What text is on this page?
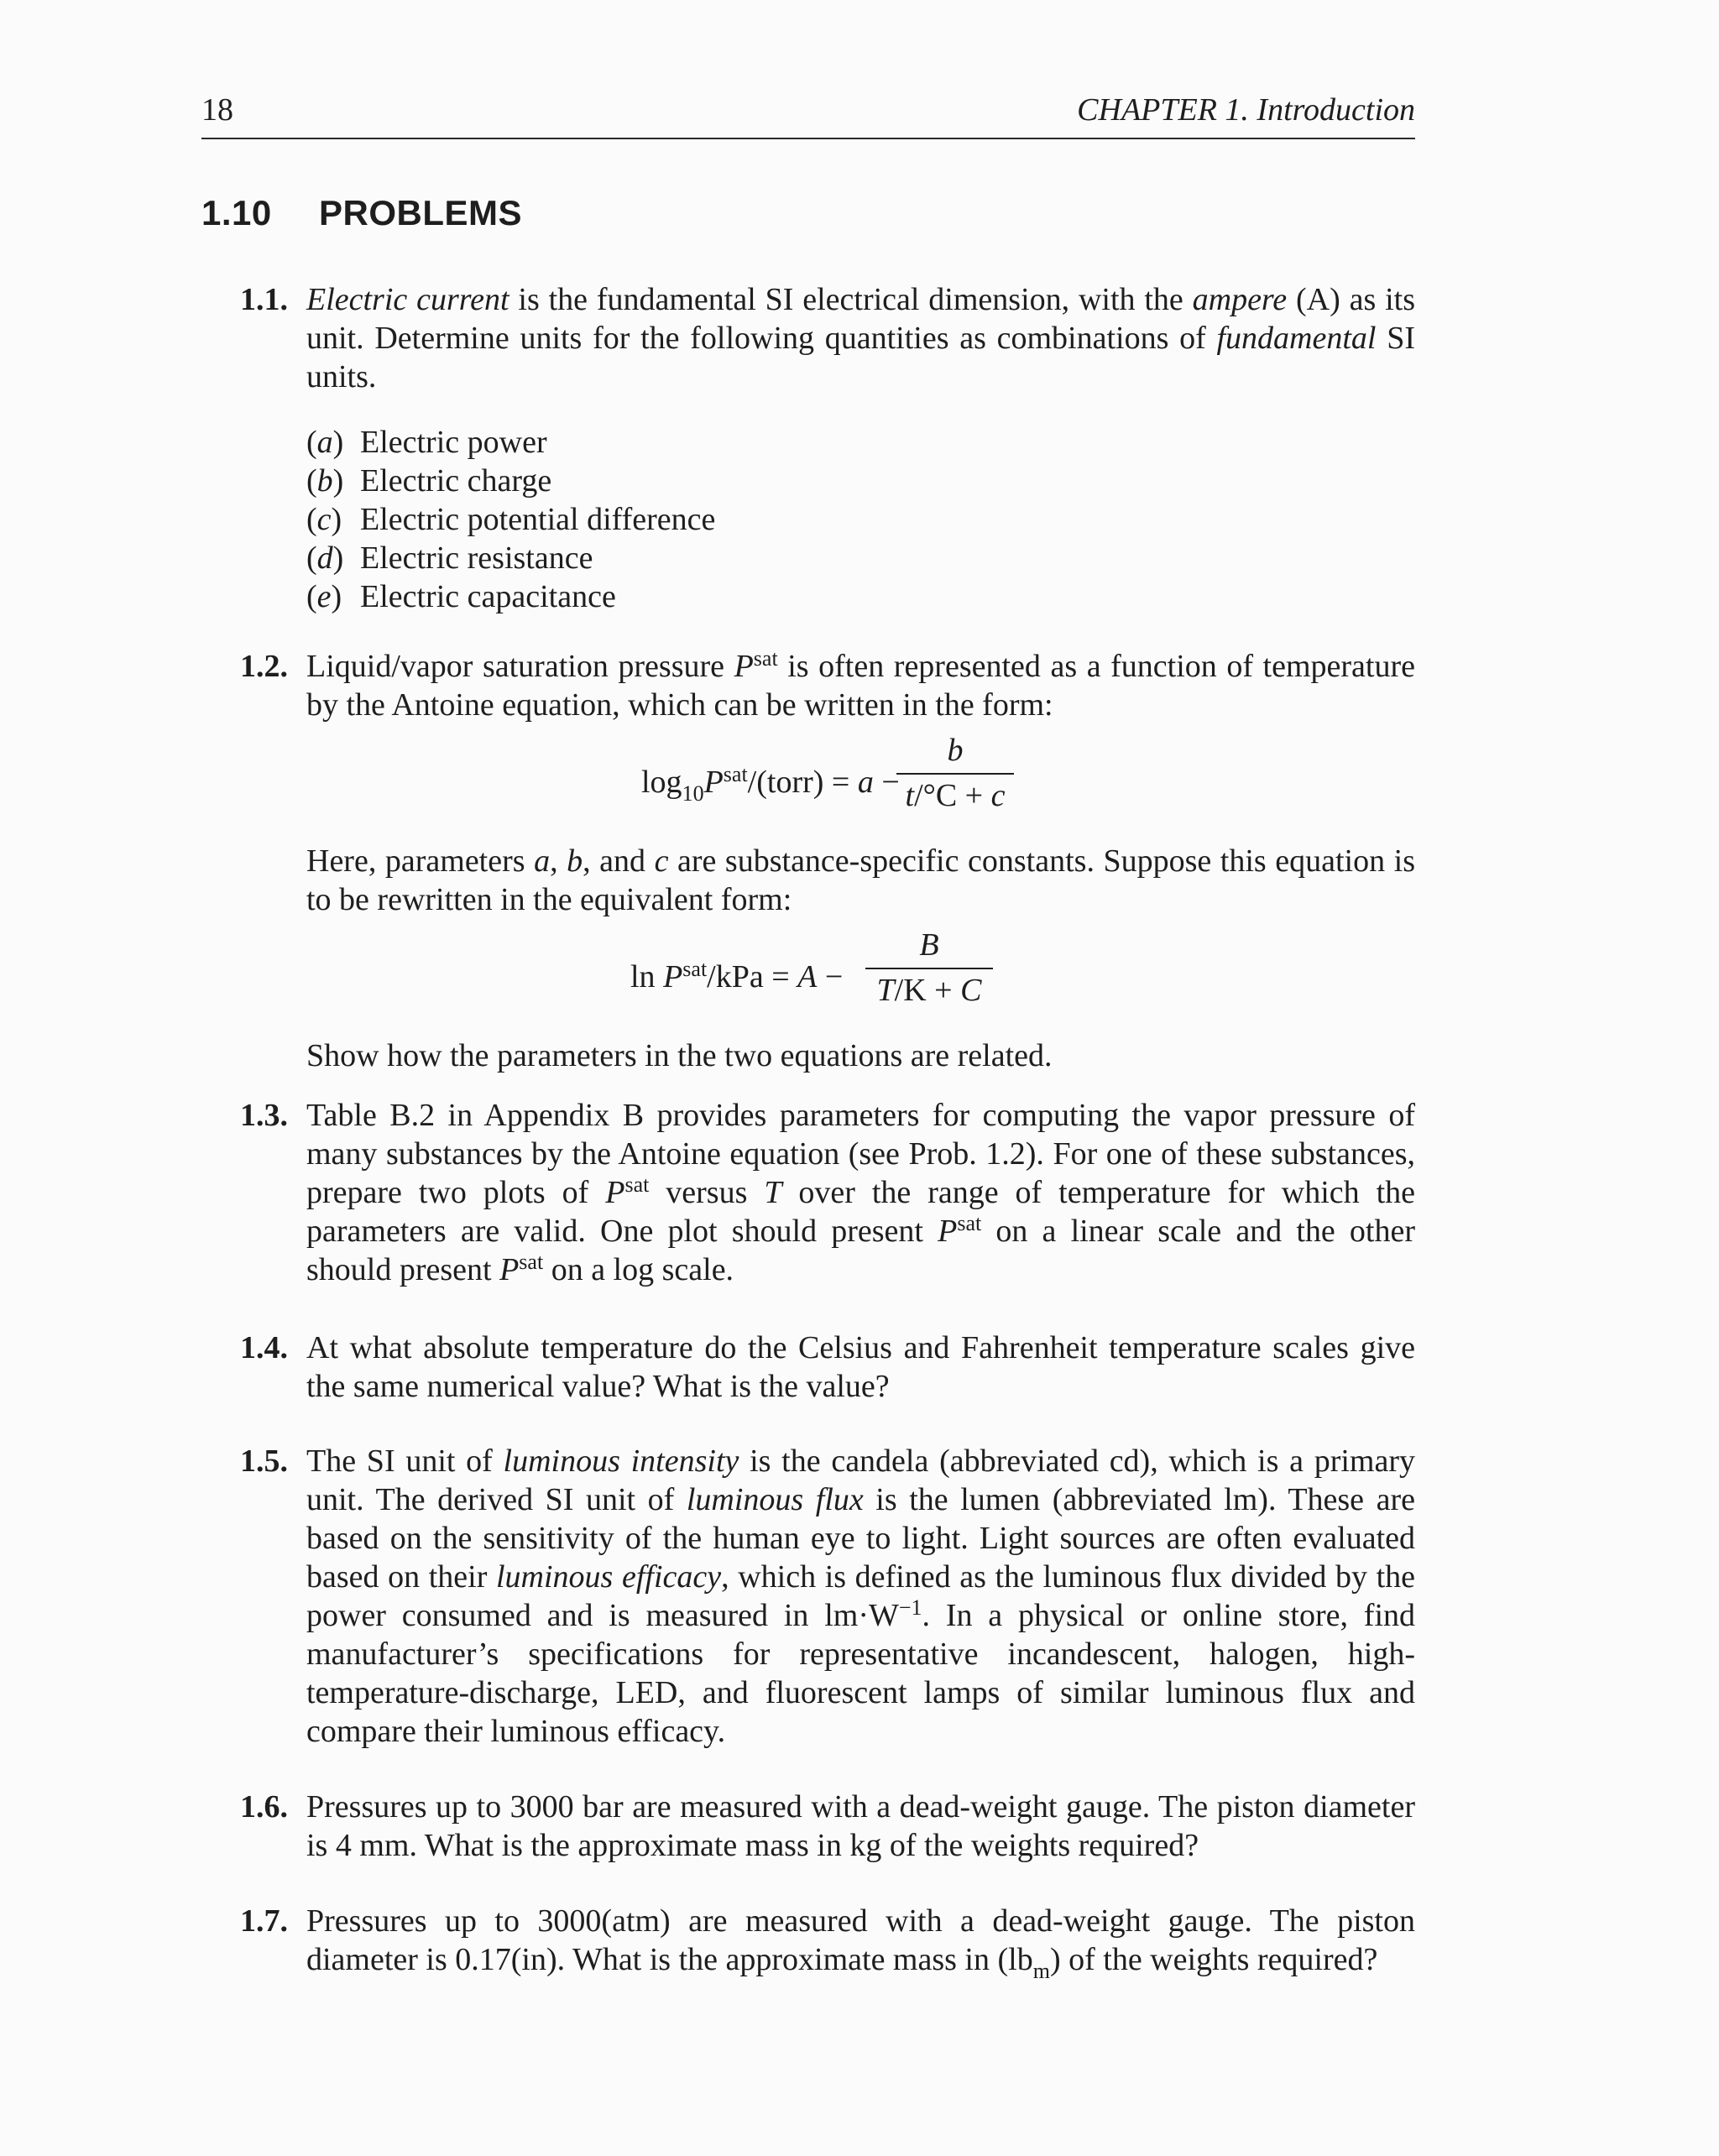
18	CHAPTER 1. Introduction
1.10 PROBLEMS
1.1. Electric current is the fundamental SI electrical dimension, with the ampere (A) as its unit. Determine units for the following quantities as combinations of fundamental SI units.

(a) Electric power
(b) Electric charge
(c) Electric potential difference
(d) Electric resistance
(e) Electric capacitance
1.2. Liquid/vapor saturation pressure $P^{sat}$ is often represented as a function of temperature by the Antoine equation, which can be written in the form:

$\log_{10}P^{sat}/(torr) = a$ −
b
t/°C + c

Here, parameters a, b, and c are substance-specific constants. Suppose this equation is to be rewritten in the equivalent form:

$\ln P^{sat}$/kPa = A −
B
T/K + C

Show how the parameters in the two equations are related.

1.3. Table B.2 in Appendix B provides parameters for computing the vapor pressure of many substances by the Antoine equation (see Prob. 1.2). For one of these substances, prepare two plots of $P^{sat}$ versus T over the range of temperature for which the parameters are valid. One plot should present $P^{sat}$ on a linear scale and the other should present $P^{sat}$ on a log scale.

1.4. At what absolute temperature do the Celsius and Fahrenheit temperature scales give the same numerical value? What is the value?

1.5. The SI unit of luminous intensity is the candela (abbreviated cd), which is a primary unit. The derived SI unit of luminous flux is the lumen (abbreviated lm). These are based on the sensitivity of the human eye to light. Light sources are often evaluated based on their luminous efficacy, which is defined as the luminous flux divided by the power consumed and is measured in $lm\cdot W^{-1}$. In a physical or online store, find manufacturer’s specifications for representative incandescent, halogen, high-temperature-discharge, LED, and fluorescent lamps of similar luminous flux and compare their luminous efficacy.

1.6. Pressures up to 3000 bar are measured with a dead-weight gauge. The piston diameter is 4 mm. What is the approximate mass in kg of the weights required?

1.7. Pressures up to 3000(atm) are measured with a dead-weight gauge. The piston diameter is 0.17(in). What is the approximate mass in $(lb_m)$ of the weights required?
